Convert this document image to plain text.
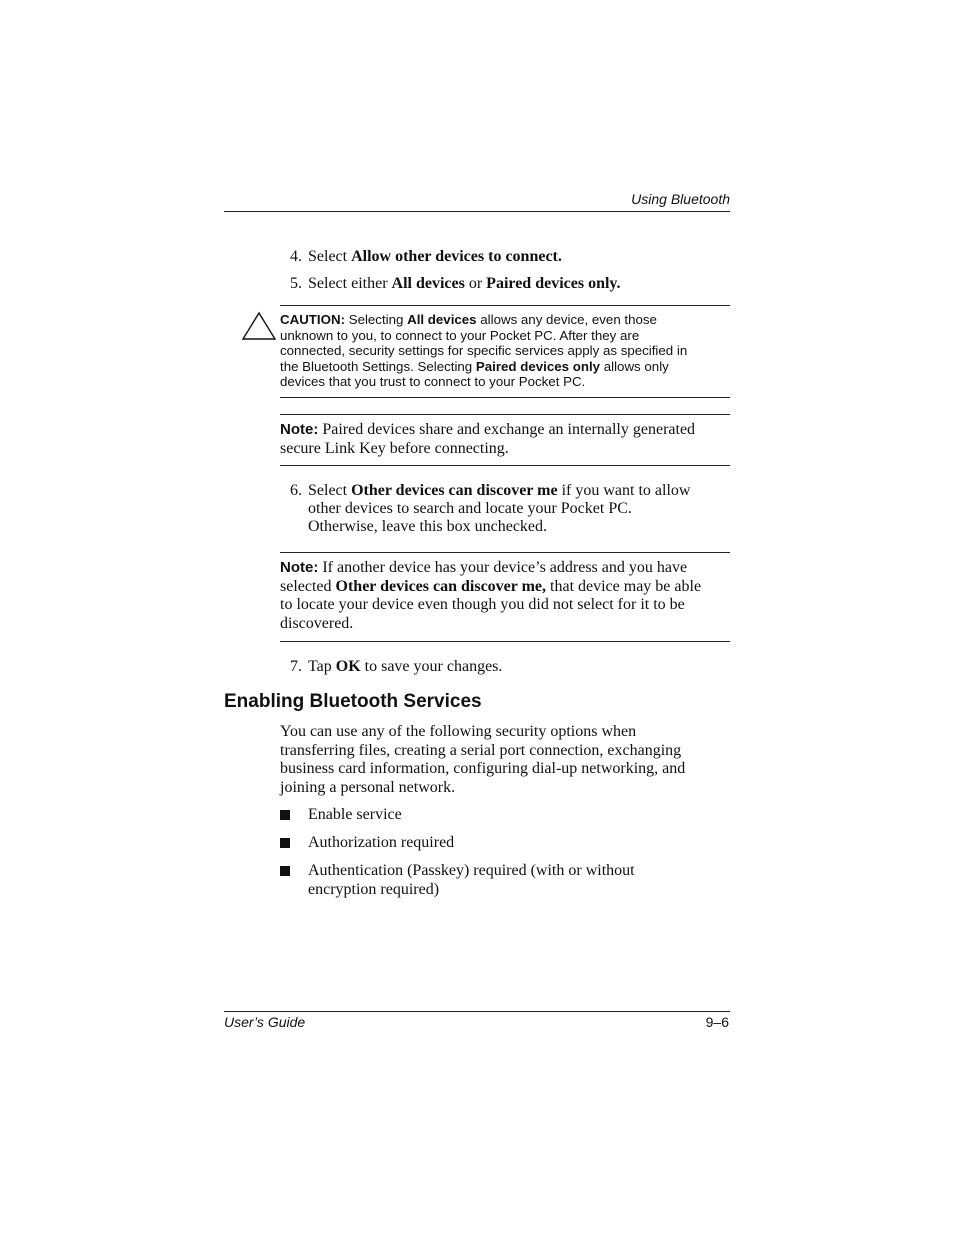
Using Bluetooth
4. Select Allow other devices to connect.
5. Select either All devices or Paired devices only.
CAUTION: Selecting All devices allows any device, even those
unknown to you, to connect to your Pocket PC. After they are
connected, security settings for specific services apply as specified in
the Bluetooth Settings. Selecting Paired devices only allows only
devices that you trust to connect to your Pocket PC.
Note: Paired devices share and exchange an internally generated
secure Link Key before connecting.
6. Select Other devices can discover me if you want to allow
other devices to search and locate your Pocket PC.
Otherwise, leave this box unchecked.
Note: If another device has your device’s address and you have
selected Other devices can discover me, that device may be able
to locate your device even though you did not select for it to be
discovered.
7. Tap OK to save your changes.
Enabling Bluetooth Services
You can use any of the following security options when
transferring files, creating a serial port connection, exchanging
business card information, configuring dial-up networking, and
joining a personal network.
Enable service
Authorization required
Authentication (Passkey) required (with or without
encryption required)
User’s Guide	9–6
